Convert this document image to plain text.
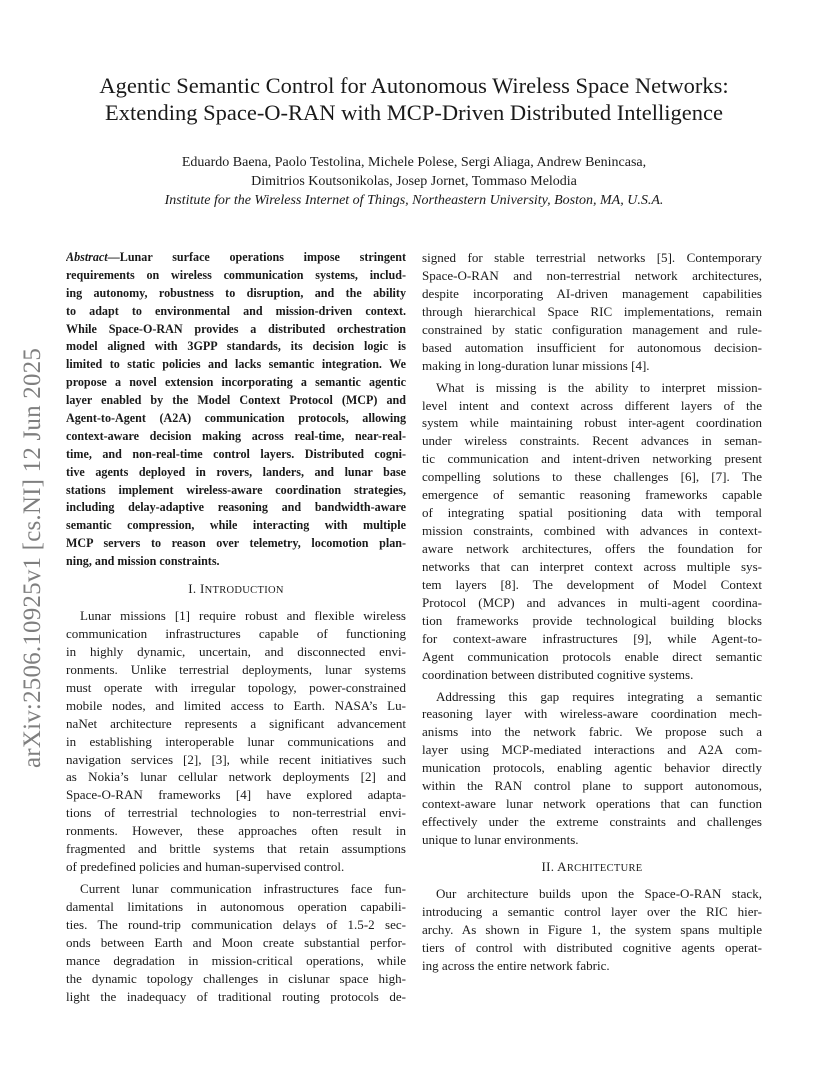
Agentic Semantic Control for Autonomous Wireless Space Networks:
Extending Space-O-RAN with MCP-Driven Distributed Intelligence
Eduardo Baena, Paolo Testolina, Michele Polese, Sergi Aliaga, Andrew Benincasa,
Dimitrios Koutsonikolas, Josep Jornet, Tommaso Melodia
Institute for the Wireless Internet of Things, Northeastern University, Boston, MA, U.S.A.
arXiv:2506.10925v1 [cs.NI] 12 Jun 2025
Abstract—Lunar surface operations impose stringent
requirements on wireless communication systems, includ-
ing autonomy, robustness to disruption, and the ability
to adapt to environmental and mission-driven context.
While Space-O-RAN provides a distributed orchestration
model aligned with 3GPP standards, its decision logic is
limited to static policies and lacks semantic integration. We
propose a novel extension incorporating a semantic agentic
layer enabled by the Model Context Protocol (MCP) and
Agent-to-Agent (A2A) communication protocols, allowing
context-aware decision making across real-time, near-real-
time, and non-real-time control layers. Distributed cogni-
tive agents deployed in rovers, landers, and lunar base
stations implement wireless-aware coordination strategies,
including delay-adaptive reasoning and bandwidth-aware
semantic compression, while interacting with multiple
MCP servers to reason over telemetry, locomotion plan-
ning, and mission constraints.
I. INTRODUCTION
Lunar missions [1] require robust and flexible wireless
communication infrastructures capable of functioning
in highly dynamic, uncertain, and disconnected envi-
ronments. Unlike terrestrial deployments, lunar systems
must operate with irregular topology, power-constrained
mobile nodes, and limited access to Earth. NASA’s Lu-
naNet architecture represents a significant advancement
in establishing interoperable lunar communications and
navigation services [2], [3], while recent initiatives such
as Nokia’s lunar cellular network deployments [2] and
Space-O-RAN frameworks [4] have explored adapta-
tions of terrestrial technologies to non-terrestrial envi-
ronments. However, these approaches often result in
fragmented and brittle systems that retain assumptions
of predefined policies and human-supervised control.
Current lunar communication infrastructures face fun-
damental limitations in autonomous operation capabili-
ties. The round-trip communication delays of 1.5-2 sec-
onds between Earth and Moon create substantial perfor-
mance degradation in mission-critical operations, while
the dynamic topology challenges in cislunar space high-
light the inadequacy of traditional routing protocols de-
signed for stable terrestrial networks [5]. Contemporary
Space-O-RAN and non-terrestrial network architectures,
despite incorporating AI-driven management capabilities
through hierarchical Space RIC implementations, remain
constrained by static configuration management and rule-
based automation insufficient for autonomous decision-
making in long-duration lunar missions [4].
What is missing is the ability to interpret mission-
level intent and context across different layers of the
system while maintaining robust inter-agent coordination
under wireless constraints. Recent advances in seman-
tic communication and intent-driven networking present
compelling solutions to these challenges [6], [7]. The
emergence of semantic reasoning frameworks capable
of integrating spatial positioning data with temporal
mission constraints, combined with advances in context-
aware network architectures, offers the foundation for
networks that can interpret context across multiple sys-
tem layers [8]. The development of Model Context
Protocol (MCP) and advances in multi-agent coordina-
tion frameworks provide technological building blocks
for context-aware infrastructures [9], while Agent-to-
Agent communication protocols enable direct semantic
coordination between distributed cognitive systems.
Addressing this gap requires integrating a semantic
reasoning layer with wireless-aware coordination mech-
anisms into the network fabric. We propose such a
layer using MCP-mediated interactions and A2A com-
munication protocols, enabling agentic behavior directly
within the RAN control plane to support autonomous,
context-aware lunar network operations that can function
effectively under the extreme constraints and challenges
unique to lunar environments.
II. ARCHITECTURE
Our architecture builds upon the Space-O-RAN stack,
introducing a semantic control layer over the RIC hier-
archy. As shown in Figure 1, the system spans multiple
tiers of control with distributed cognitive agents operat-
ing across the entire network fabric.
